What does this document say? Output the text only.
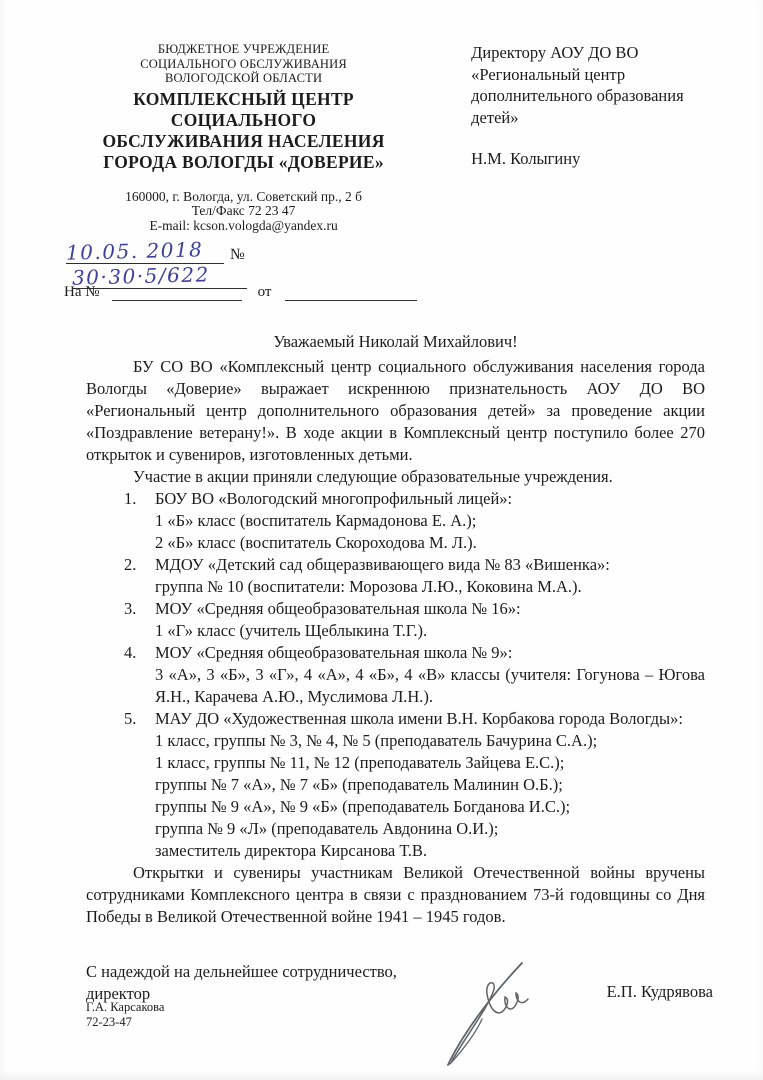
БЮДЖЕТНОЕ УЧРЕЖДЕНИЕ
СОЦИАЛЬНОГО ОБСЛУЖИВАНИЯ
ВОЛОГОДСКОЙ ОБЛАСТИ
КОМПЛЕКСНЫЙ ЦЕНТР
СОЦИАЛЬНОГО
ОБСЛУЖИВАНИЯ НАСЕЛЕНИЯ
ГОРОДА ВОЛОГДЫ «ДОВЕРИЕ»
160000, г. Вологда, ул. Советский пр., 2 б
Тел/Факс 72 23 47
E-mail: kcson.vologda@yandex.ru
10.05. 2018 №30·30·5/622
На №	от
Директору АОУ ДО ВО
«Региональный центр
дополнительного образования
детей»
Н.М. Колыгину
Уважаемый Николай Михайлович!

БУ СО ВО «Комплексный центр социального обслуживания населения города Вологды «Доверие» выражает искреннюю признательность АОУ ДО ВО «Региональный центр дополнительного образования детей» за проведение акции «Поздравление ветерану!». В ходе акции в Комплексный центр поступило более 270 открыток и сувениров, изготовленных детьми.

Участие в акции приняли следующие образовательные учреждения.

1.	БОУ ВО «Вологодский многопрофильный лицей»:
1 «Б» класс (воспитатель Кармадонова Е. А.);
2 «Б» класс (воспитатель Скороходова М. Л.).
2.	МДОУ «Детский сад общеразвивающего вида № 83 «Вишенка»:
группа № 10 (воспитатели: Морозова Л.Ю., Коковина М.А.).
3.	МОУ «Средняя общеобразовательная школа № 16»:
1 «Г» класс (учитель Щеблыкина Т.Г.).
4.	МОУ «Средняя общеобразовательная школа № 9»:
3 «А», 3 «Б», 3 «Г», 4 «А», 4 «Б», 4 «В» классы (учителя: Гогунова – Югова Я.Н., Карачева А.Ю., Муслимова Л.Н.).
5.	МАУ ДО «Художественная школа имени В.Н. Корбакова города Вологды»:
1 класс, группы № 3, № 4, № 5 (преподаватель Бачурина С.А.);
1 класс, группы № 11, № 12 (преподаватель Зайцева Е.С.);
группы № 7 «А», № 7 «Б» (преподаватель Малинин О.Б.);
группы № 9 «А», № 9 «Б» (преподаватель Богданова И.С.);
группа № 9 «Л» (преподаватель Авдонина О.И.);
заместитель директора Кирсанова Т.В.

Открытки и сувениры участникам Великой Отечественной войны вручены сотрудниками Комплексного центра в связи с празднованием 73-й годовщины со Дня Победы в Великой Отечественной войне 1941 – 1945 годов.

С надеждой на дельнейшее сотрудничество,
директор	Е.П. Кудрявова
Г.А. Карсакова
72-23-47
